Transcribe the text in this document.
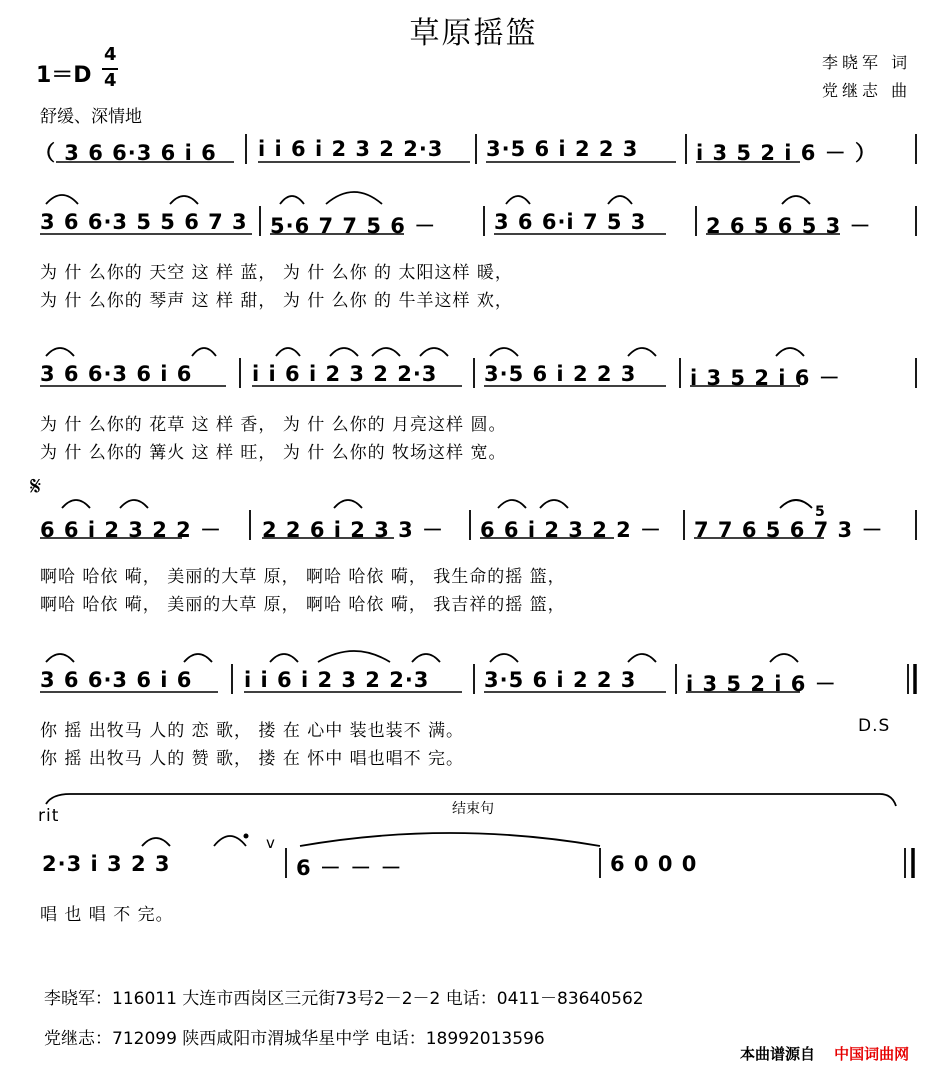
草原摇篮
李晓军 词
党继志 曲
1＝D
4
4
舒缓、深情地
（ 3 6 6·3 6 i 6 i i 6 i 2 3 2 2·3 3·5 6 i 2 2 3	i 3 5 2 i 6 － ）
3 6 6·3 5 5 6 7 3 5·6 7 7 5 6 －	3 6 6·i 7 5 3	2 6 5 6 5 3 －
为 什 么你的 天空 这 样 蓝， 为 什 么你 的 太阳这样 暖，
为 什 么你的 琴声 这 样 甜， 为 什 么你 的 牛羊这样 欢，
3 6 6·3 6 i 6	i i 6 i 2 3 2 2·3 3·5 6 i 2 2 3	i 3 5 2 i 6 －
为 什 么你的 花草 这 样 香， 为 什 么你的 月亮这样 圆。
为 什 么你的 篝火 这 样 旺， 为 什 么你的 牧场这样 宽。
𝄋
6 6 i 2 3 2 2 － 2 2 6 i 2 3 3 － 6 6 i 2 3 2 2 － 7 7 6 5 6 7 3 －
5
啊哈 哈依 嗬， 美丽的大草 原， 啊哈 哈依 嗬， 我生命的摇 篮，
啊哈 哈依 嗬， 美丽的大草 原， 啊哈 哈依 嗬， 我吉祥的摇 篮，
3 6 6·3 6 i 6 i i 6 i 2 3 2 2·3	3·5 6 i 2 2 3 i 3 5 2 i 6 －
你 摇 出牧马 人的 恋 歌， 搂 在 心中 装也装不 满。
你 摇 出牧马 人的 赞 歌， 搂 在 怀中 唱也唱不 完。
D.S
rit	结束句
2·3 i 3 2 3
v
6 － － －	6 0 0 0
唱 也 唱 不 完。
李晓军：116011 大连市西岗区三元街73号2－2－2 电话：0411－83640562
党继志：712099 陕西咸阳市渭城华星中学 电话：18992013596
本曲谱源自 中国词曲网
